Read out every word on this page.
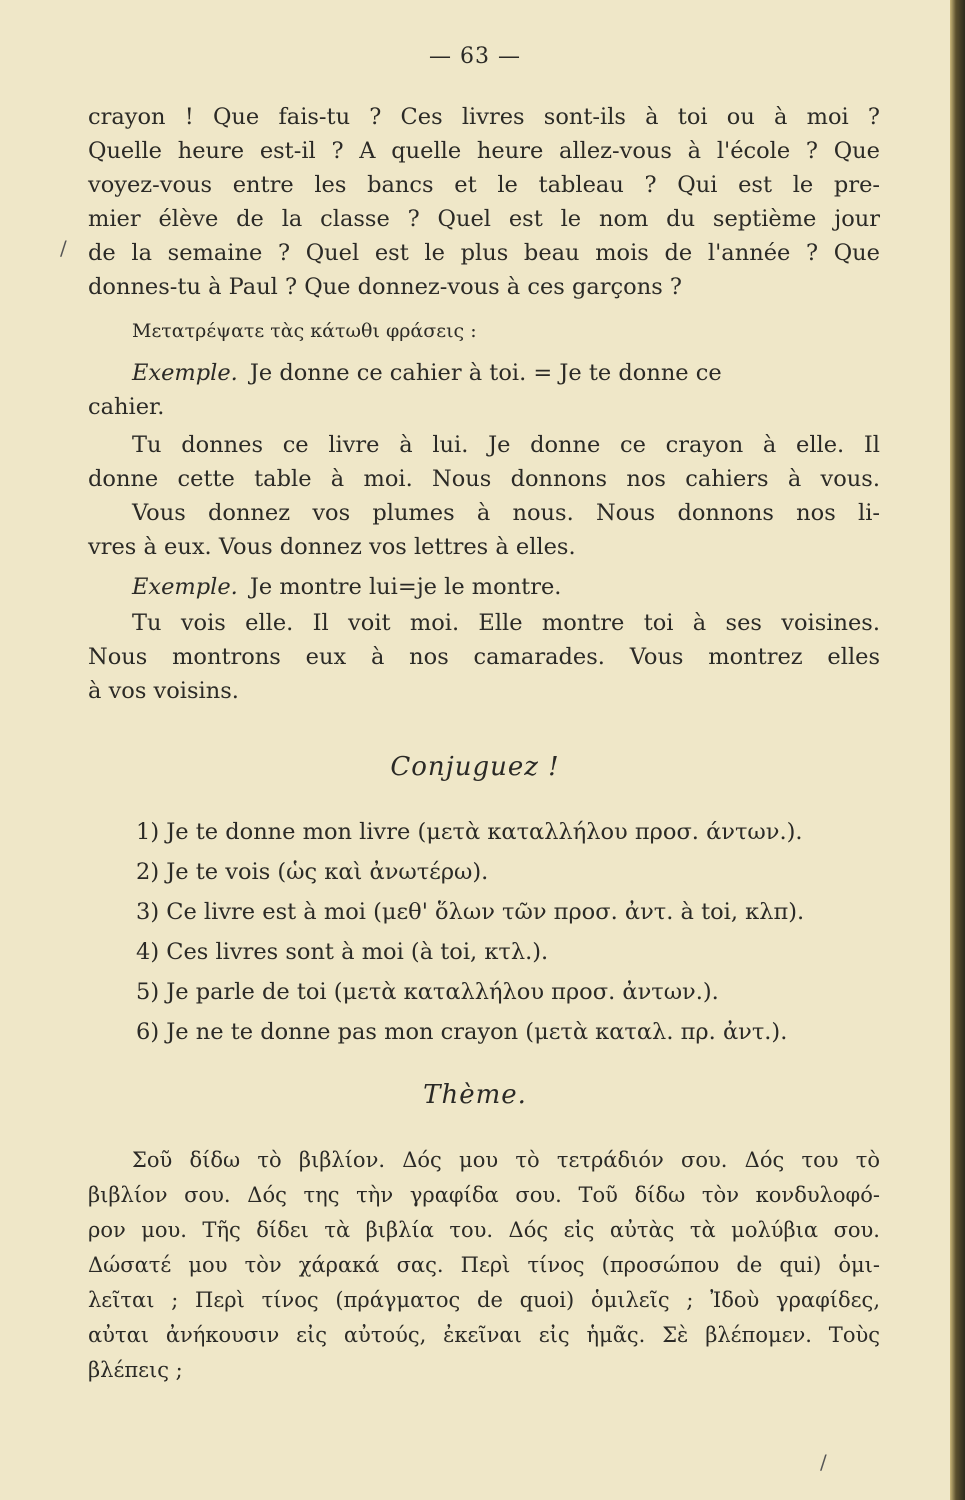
— 63 —
crayon ! Que fais-tu ? Ces livres sont-ils à toi ou à moi ?
Quelle heure est-il ? A quelle heure allez-vous à l'école ? Que
voyez-vous entre les bancs et le tableau ? Qui est le pre-
mier élève de la classe ? Quel est le nom du septième jour
de la semaine ? Quel est le plus beau mois de l'année ? Que
donnes-tu à Paul ? Que donnez-vous à ces garçons ?
Μετατρέψατε τὰς κάτωθι φράσεις :
Exemple. Je donne ce cahier à toi. = Je te donne ce
cahier.
Tu donnes ce livre à lui. Je donne ce crayon à elle. Il
donne cette table à moi. Nous donnons nos cahiers à vous.
Vous donnez vos plumes à nous. Nous donnons nos li-
vres à eux. Vous donnez vos lettres à elles.
Exemple. Je montre lui=je le montre.
Tu vois elle. Il voit moi. Elle montre toi à ses voisines.
Nous montrons eux à nos camarades. Vous montrez elles
à vos voisins.
Conjuguez !
1) Je te donne mon livre (μετὰ καταλλήλου προσ. άντων.).
2) Je te vois (ὡς καὶ ἀνωτέρω).
3) Ce livre est à moi (μεθ' ὅλων τῶν προσ. ἀντ. à toi, κλπ).
4) Ces livres sont à moi (à toi, κτλ.).
5) Je parle de toi (μετὰ καταλλήλου προσ. ἀντων.).
6) Je ne te donne pas mon crayon (μετὰ καταλ. πρ. ἀντ.).
Thème.
Σοῦ δίδω τὸ βιβλίον. Δός μου τὸ τετράδιόν σου. Δός του τὸ
βιβλίον σου. Δός της τὴν γραφίδα σου. Τοῦ δίδω τὸν κονδυλοφό-
ρον μου. Τῆς δίδει τὰ βιβλία του. Δός εἰς αὐτὰς τὰ μολύβια σου.
Δώσατέ μου τὸν χάρακά σας. Περὶ τίνος (προσώπου de qui) ὁμι-
λεῖται ; Περὶ τίνος (πράγματος de quoi) ὁμιλεῖς ; Ἰδοὺ γραφίδες,
αὐται ἀνήκουσιν εἰς αὐτούς, ἐκεῖναι εἰς ἡμᾶς. Σὲ βλέπομεν. Τοὺς
βλέπεις ;
/
/
